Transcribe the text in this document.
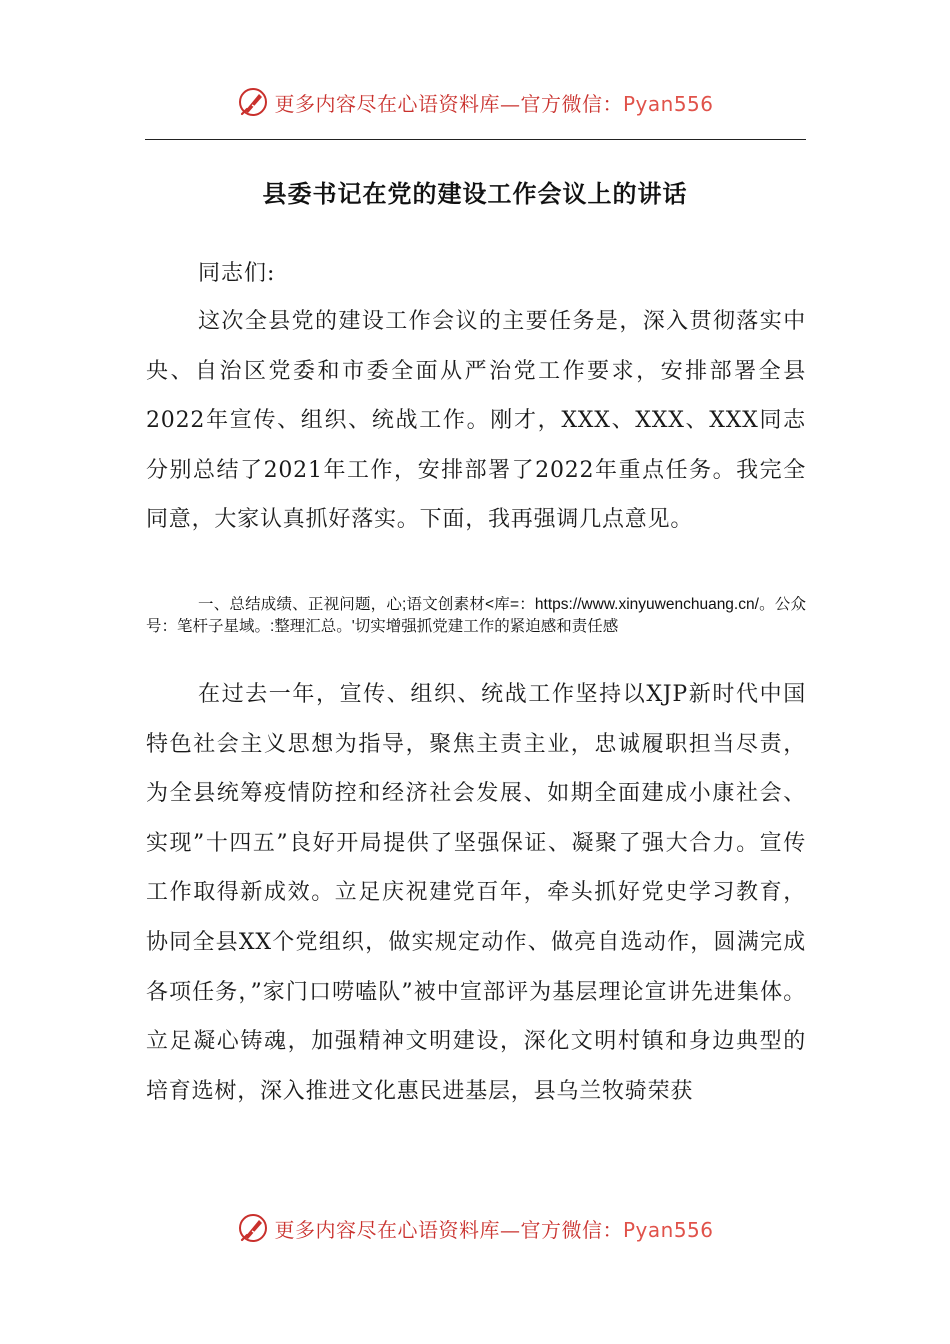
更多内容尽在心语资料库—官方微信：Pyan556
县委书记在党的建设工作会议上的讲话
同志们:

这次全县党的建设工作会议的主要任务是，深入贯彻落实中央、自治区党委和市委全面从严治党工作要求，安排部署全县2022年宣传、组织、统战工作。刚才，XXX、XXX、XXX同志分别总结了2021年工作，安排部署了2022年重点任务。我完全同意，大家认真抓好落实。下面，我再强调几点意见。

一、总结成绩、正视问题，心;语文创素材<库=：https://www.xinyuwenchuang.cn/。公众号：笔杆子星域。:整理汇总。'切实增强抓党建工作的紧迫感和责任感

在过去一年，宣传、组织、统战工作坚持以XJP新时代中国特色社会主义思想为指导，聚焦主责主业，忠诚履职担当尽责，为全县统筹疫情防控和经济社会发展、如期全面建成小康社会、实现”十四五”良好开局提供了坚强保证、凝聚了强大合力。宣传工作取得新成效。立足庆祝建党百年，牵头抓好党史学习教育，协同全县XX个党组织，做实规定动作、做亮自选动作，圆满完成各项任务，”家门口唠嗑队”被中宣部评为基层理论宣讲先进集体。立足凝心铸魂，加强精神文明建设，深化文明村镇和身边典型的培育选树，深入推进文化惠民进基层，县乌兰牧骑荣获

更多内容尽在心语资料库—官方微信：Pyan556
